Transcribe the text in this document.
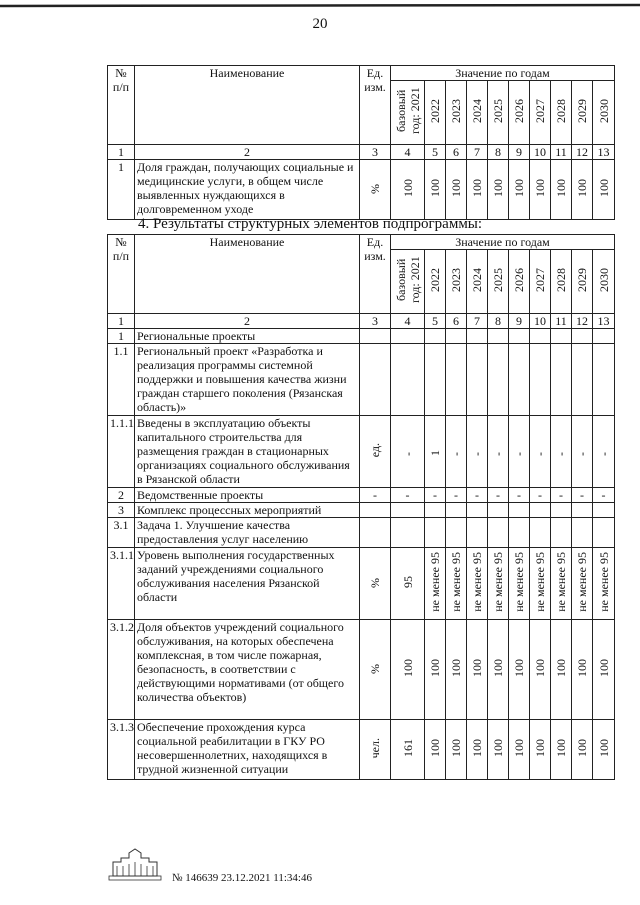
20
№ п/п	Наименование	Ед. изм.	Значение по годам									
			базовый год: 2021	2022	2023	2024	2025	2026	2027	2028	2029	2030
1	2	3	4	5	6	7	8	9	10	11	12	13
1	Доля граждан, получающих социальные и медицинские услуги, в общем числе выявленных нуждающихся в долговременном уходе	%	100	100	100	100	100	100	100	100	100	100
4. Результаты структурных элементов подпрограммы:
№ п/п	Наименование	Ед. изм.	Значение по годам									
			базовый год: 2021	2022	2023	2024	2025	2026	2027	2028	2029	2030
1	2	3	4	5	6	7	8	9	10	11	12	13
1	Региональные проекты											
1.1	Региональный проект «Разработка и реализация программы системной поддержки и повышения качества жизни граждан старшего поколения (Рязанская область)»											
1.1.1	Введены в эксплуатацию объекты капитального строительства для размещения граждан в стационарных организациях социального обслуживания в Рязанской области	ед.	-	1	-	-	-	-	-	-	-	-
2	Ведомственные проекты	-	-	-	-	-	-	-	-	-	-	-
3	Комплекс процессных мероприятий											
3.1	Задача 1. Улучшение качества предоставления услуг населению											
3.1.1	Уровень выполнения государственных заданий учреждениями социального обслуживания населения Рязанской области	%	95	не менее 95	не менее 95	не менее 95	не менее 95	не менее 95	не менее 95	не менее 95	не менее 95	не менее 95
3.1.2	Доля объектов учреждений социального обслуживания, на которых обеспечена комплексная, в том числе пожарная, безопасность, в соответствии с действующими нормативами (от общего количества объектов)	%	100	100	100	100	100	100	100	100	100	100
3.1.3	Обеспечение прохождения курса социальной реабилитации в ГКУ РО несовершеннолетних, находящихся в трудной жизненной ситуации	чел.	161	100	100	100	100	100	100	100	100	100
№ 146639 23.12.2021 11:34:46
